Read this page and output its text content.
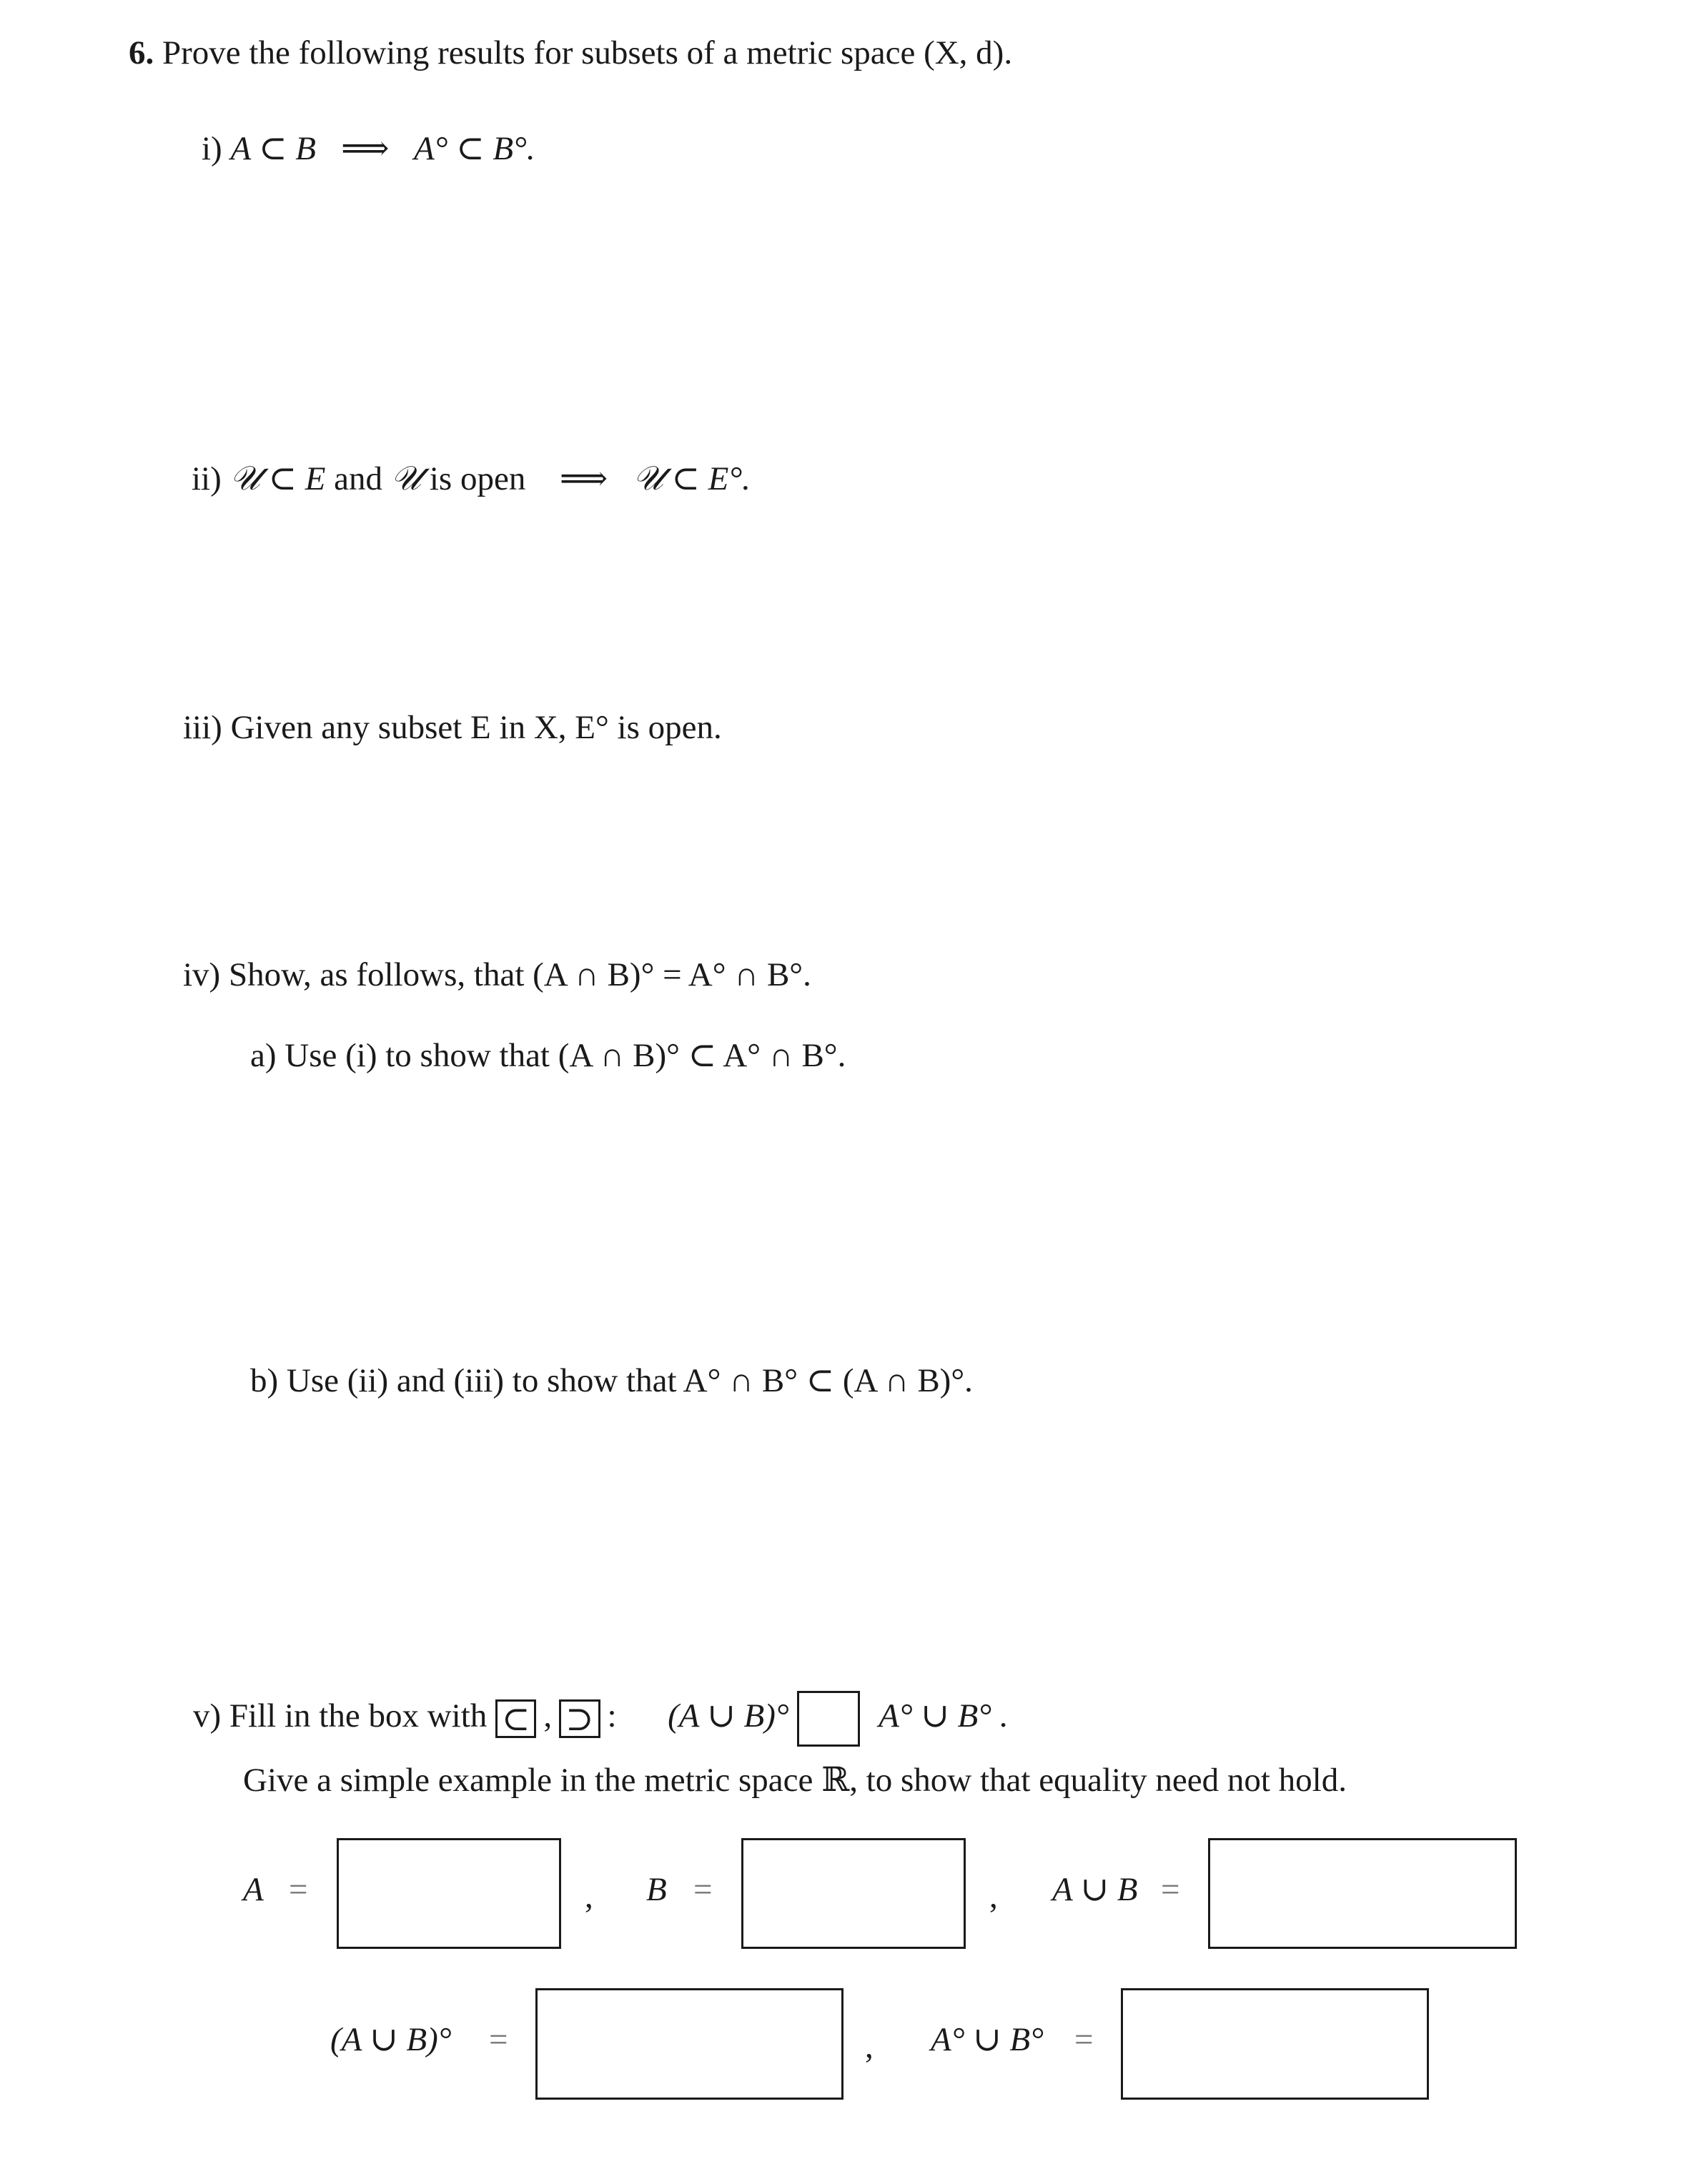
6. Prove the following results for subsets of a metric space (X, d).
i) A ⊂ B   ⟹   A° ⊂ B°.
ii) 𝒰 ⊂ E and 𝒰 is open ⟹   𝒰 ⊂ E°.
iii) Given any subset E in X, E° is open.
iv) Show, as follows, that (A ∩ B)° = A° ∩ B°.
a) Use (i) to show that (A ∩ B)° ⊂ A° ∩ B°.
b) Use (ii) and (iii) to show that A° ∩ B° ⊂ (A ∩ B)°.
v) Fill in the box with ⊂ , ⊃ : (A ∪ B)°	A° ∪ B° .
Give a simple example in the metric space ℝ, to show that equality need not hold.
A =	, B =	, A ∪ B =
(A ∪ B)° =	, A° ∪ B° =
